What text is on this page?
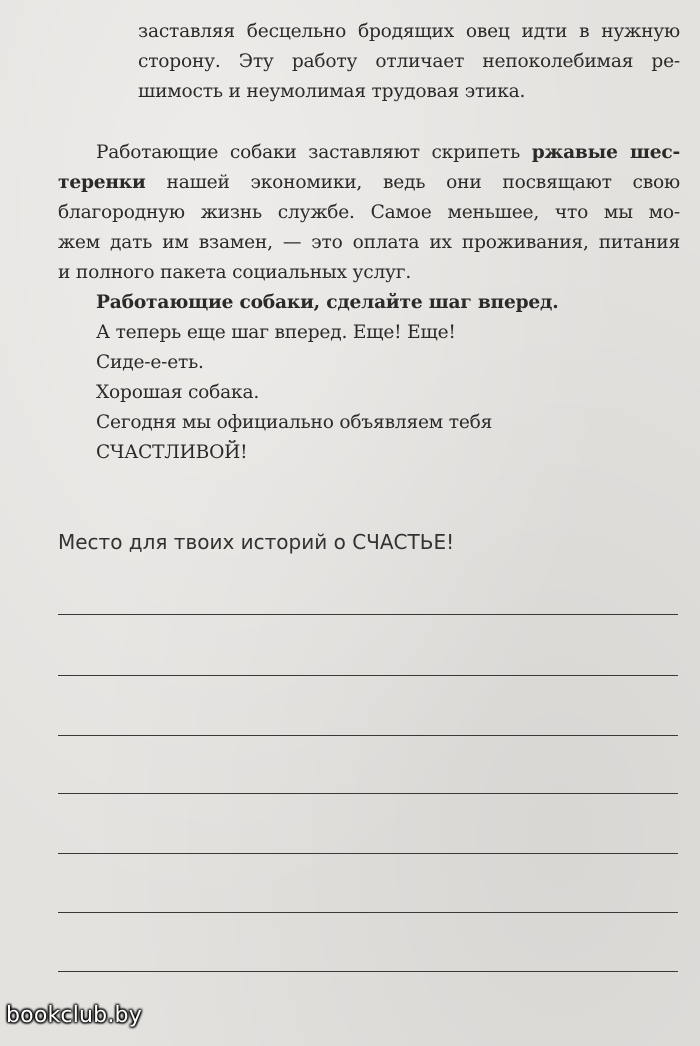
заставляя бесцельно бродящих овец идти в нужную
сторону. Эту работу отличает непоколебимая ре-
шимость и неумолимая трудовая этика.
Работающие собаки заставляют скрипеть ржавые шес-
теренки нашей экономики, ведь они посвящают свою
благородную жизнь службе. Самое меньшее, что мы мо-
жем дать им взамен, — это оплата их проживания, питания
и полного пакета социальных услуг.
Работающие собаки, сделайте шаг вперед.
А теперь еще шаг вперед. Еще! Еще!
Сиде-е-еть.
Хорошая собака.
Сегодня мы официально объявляем тебя
СЧАСТЛИВОЙ!
Место для твоих историй о СЧАСТЬЕ!
bookclub.by
